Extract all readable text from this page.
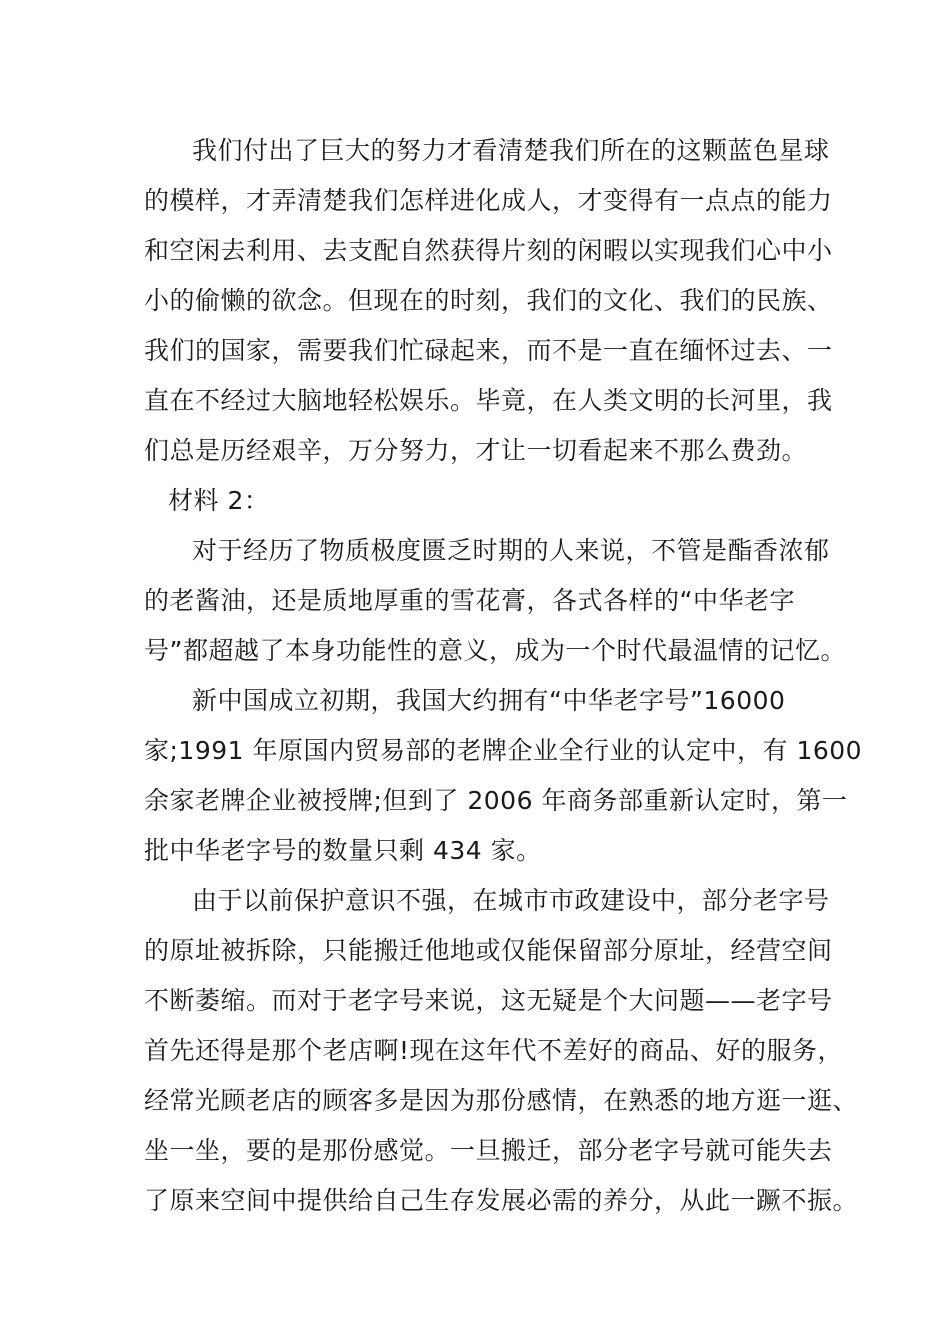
我们付出了巨大的努力才看清楚我们所在的这颗蓝色星球
的模样，才弄清楚我们怎样进化成人，才变得有一点点的能力
和空闲去利用、去支配自然获得片刻的闲暇以实现我们心中小
小的偷懒的欲念。但现在的时刻，我们的文化、我们的民族、
我们的国家，需要我们忙碌起来，而不是一直在缅怀过去、一
直在不经过大脑地轻松娱乐。毕竟，在人类文明的长河里，我
们总是历经艰辛，万分努力，才让一切看起来不那么费劲。
材料 2：
对于经历了物质极度匮乏时期的人来说，不管是酯香浓郁
的老酱油，还是质地厚重的雪花膏，各式各样的“中华老字
号”都超越了本身功能性的意义，成为一个时代最温情的记忆。
新中国成立初期，我国大约拥有“中华老字号”16000
家;1991 年原国内贸易部的老牌企业全行业的认定中，有 1600
余家老牌企业被授牌;但到了 2006 年商务部重新认定时，第一
批中华老字号的数量只剩 434 家。
由于以前保护意识不强，在城市市政建设中，部分老字号
的原址被拆除，只能搬迁他地或仅能保留部分原址，经营空间
不断萎缩。而对于老字号来说，这无疑是个大问题——老字号
首先还得是那个老店啊!现在这年代不差好的商品、好的服务，
经常光顾老店的顾客多是因为那份感情，在熟悉的地方逛一逛、
坐一坐，要的是那份感觉。一旦搬迁，部分老字号就可能失去
了原来空间中提供给自己生存发展必需的养分，从此一蹶不振。
